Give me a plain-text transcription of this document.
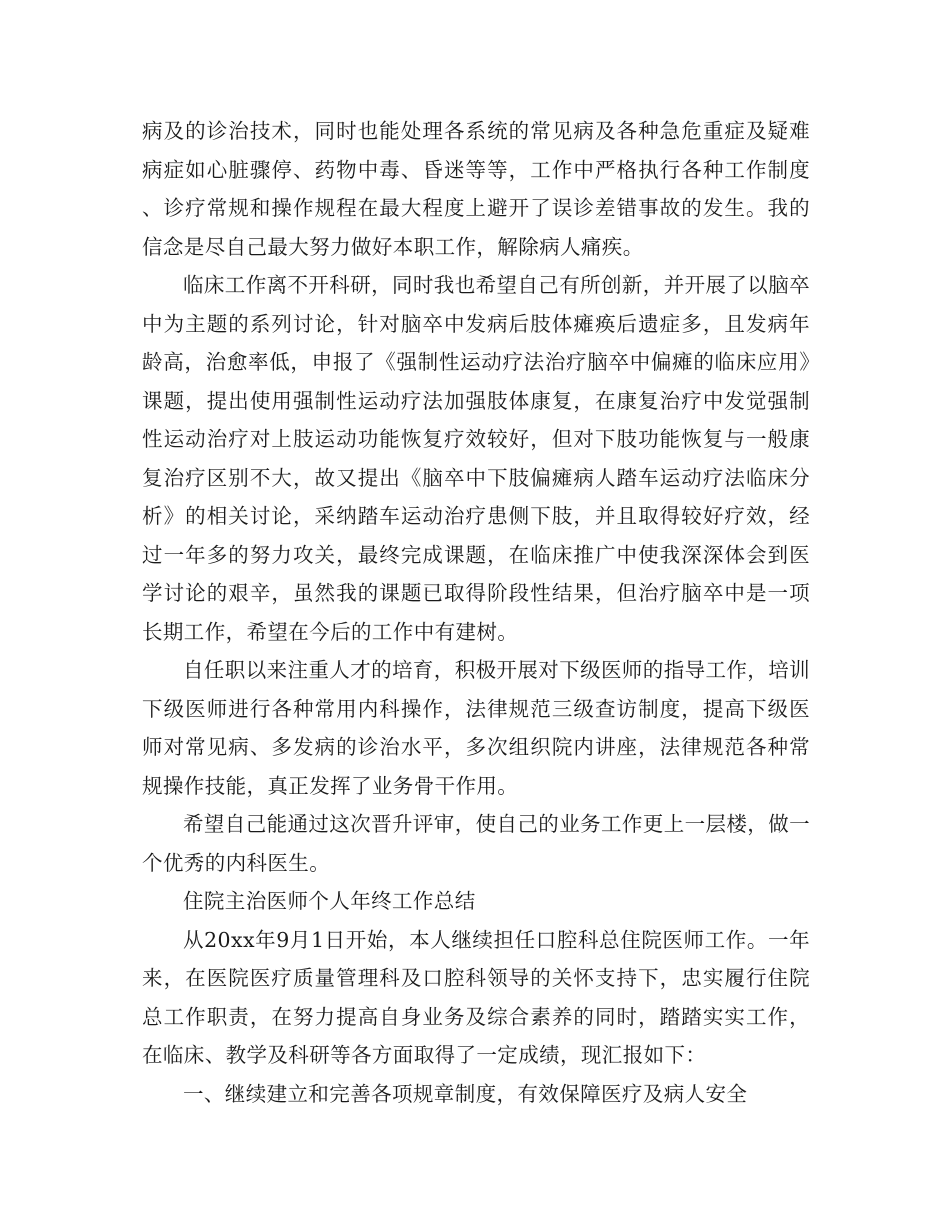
病及的诊治技术，同时也能处理各系统的常见病及各种急危重症及疑难病症如心脏骤停、药物中毒、昏迷等等，工作中严格执行各种工作制度、诊疗常规和操作规程在最大程度上避开了误诊差错事故的发生。我的信念是尽自己最大努力做好本职工作，解除病人痛疾。

临床工作离不开科研，同时我也希望自己有所创新，并开展了以脑卒中为主题的系列讨论，针对脑卒中发病后肢体瘫痪后遗症多，且发病年龄高，治愈率低，申报了《强制性运动疗法治疗脑卒中偏瘫的临床应用》课题，提出使用强制性运动疗法加强肢体康复，在康复治疗中发觉强制性运动治疗对上肢运动功能恢复疗效较好，但对下肢功能恢复与一般康复治疗区别不大，故又提出《脑卒中下肢偏瘫病人踏车运动疗法临床分析》的相关讨论，采纳踏车运动治疗患侧下肢，并且取得较好疗效，经过一年多的努力攻关，最终完成课题，在临床推广中使我深深体会到医学讨论的艰辛，虽然我的课题已取得阶段性结果，但治疗脑卒中是一项长期工作，希望在今后的工作中有建树。

自任职以来注重人才的培育，积极开展对下级医师的指导工作，培训下级医师进行各种常用内科操作，法律规范三级查访制度，提高下级医师对常见病、多发病的诊治水平，多次组织院内讲座，法律规范各种常规操作技能，真正发挥了业务骨干作用。

希望自己能通过这次晋升评审，使自己的业务工作更上一层楼，做一个优秀的内科医生。

住院主治医师个人年终工作总结

从20xx年9月1日开始，本人继续担任口腔科总住院医师工作。一年来，在医院医疗质量管理科及口腔科领导的关怀支持下，忠实履行住院总工作职责，在努力提高自身业务及综合素养的同时，踏踏实实工作，在临床、教学及科研等各方面取得了一定成绩，现汇报如下：

一、继续建立和完善各项规章制度，有效保障医疗及病人安全
